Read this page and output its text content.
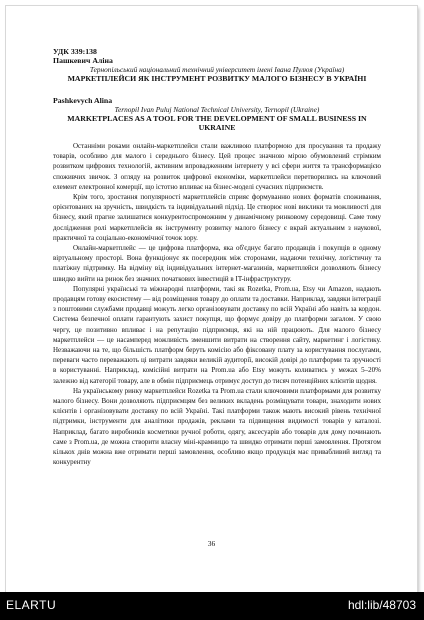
УДК 339:138
Пашкевич Аліна
Тернопільський національний технічний університет імені Івана Пулюя (Україна)
МАРКЕТПЛЕЙСИ ЯК ІНСТРУМЕНТ РОЗВИТКУ МАЛОГО БІЗНЕСУ В УКРАЇНІ
Pashkevych Alina
Ternopil Ivan Puluj National Technical University, Ternopil (Ukraine)
MARKETPLACES AS A TOOL FOR THE DEVELOPMENT OF SMALL BUSINESS IN UKRAINE

Останніми роками онлайн-маркетплейси стали важливою платформою для просування та продажу товарів, особливо для малого і середнього бізнесу. Цей процес значною мірою обумовлений стрімким розвитком цифрових технологій, активним впровадженням інтернету у всі сфери життя та трансформацією споживчих звичок. З огляду на розвиток цифрової економіки, маркетплейси перетворились на ключовий елемент електронної комерції, що істотно впливає на бізнес-моделі сучасних підприємств.

Крім того, зростання популярності маркетплейсів сприяє формуванню нових форматів споживання, орієнтованих на зручність, швидкість та індивідуальний підхід. Це створює нові виклики та можливості для бізнесу, який прагне залишатися конкурентоспроможним у динамічному ринковому середовищі. Саме тому дослідження ролі маркетплейсів як інструменту розвитку малого бізнесу є вкрай актуальним з наукової, практичної та соціально-економічної точок зору.

Онлайн-маркетплейс — це цифрова платформа, яка об'єднує багато продавців і покупців в одному віртуальному просторі. Вона функціонує як посередник між сторонами, надаючи технічну, логістичну та платіжну підтримку. На відміну від індивідуальних інтернет-магазинів, маркетплейси дозволяють бізнесу швидко вийти на ринок без значних початкових інвестицій в IT-інфраструктуру.

Популярні українські та міжнародні платформи, такі як Rozetka, Prom.ua, Etsy чи Amazon, надають продавцям готову екосистему — від розміщення товару до оплати та доставки. Наприклад, завдяки інтеграції з поштовими службами продавці можуть легко організовувати доставку по всій Україні або навіть за кордон. Система безпечної оплати гарантують захист покупця, що формує довіру до платформи загалом. У свою чергу, це позитивно впливає і на репутацію підприємця, які на ній працюють. Для малого бізнесу маркетплейси — це насамперед можливість зменшити витрати на створення сайту, маркетинг і логістику. Незважаючи на те, що більшість платформ беруть комісію або фіксовану плату за користування послугами, переваги часто переважають ці витрати завдяки великій аудиторії, високій довірі до платформи та зручності в користуванні. Наприклад, комісійні витрати на Prom.ua або Etsy можуть коливатись у межах 5–20% залежно від категорії товару, але в обмін підприємець отримує доступ до тисяч потенційних клієнтів щодня.

На українському ринку маркетплейси Rozetka та Prom.ua стали ключовими платформами для розвитку малого бізнесу. Вони дозволяють підприємцям без великих вкладень розміщувати товари, знаходити нових клієнтів і організовувати доставку по всій Україні. Такі платформи також мають високий рівень технічної підтримки, інструменти для аналітики продажів, реклами та підвищення видимості товарів у каталозі. Наприклад, багато виробників косметики ручної роботи, одягу, аксесуарів або товарів для дому починають саме з Prom.ua, де можна створити власну міні-крамницю та швидко отримати перші замовлення. Протягом кількох днів можна вже отримати перші замовлення, особливо якщо продукція має привабливий вигляд та конкурентну

36
ELARTU	hdl:lib/48703
